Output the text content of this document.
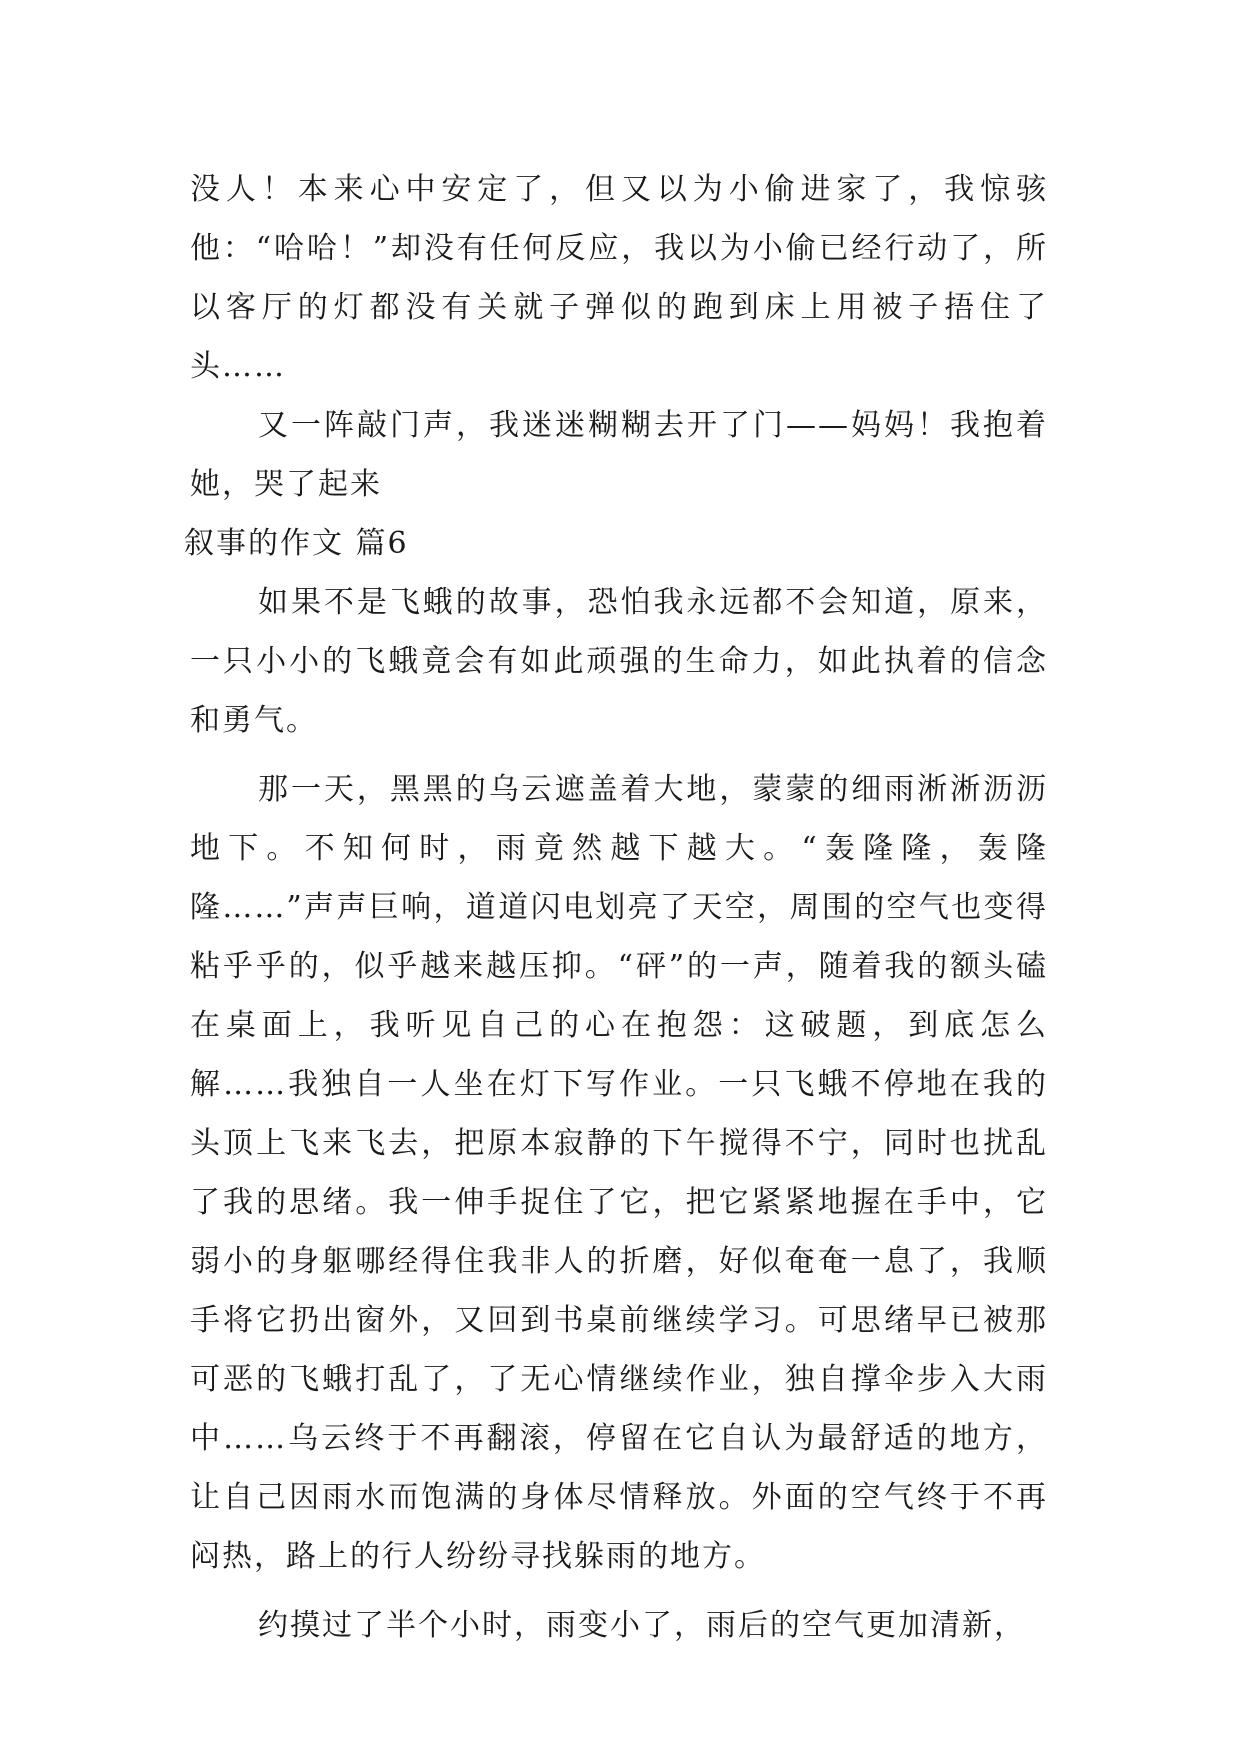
没人！本来心中安定了，但又以为小偷进家了，我惊骇他：“哈哈！”却没有任何反应，我以为小偷已经行动了，所以客厅的灯都没有关就子弹似的跑到床上用被子捂住了头……

又一阵敲门声，我迷迷糊糊去开了门——妈妈！我抱着她，哭了起来

叙事的作文 篇6

如果不是飞蛾的故事，恐怕我永远都不会知道，原来，一只小小的飞蛾竟会有如此顽强的生命力，如此执着的信念和勇气。

那一天，黑黑的乌云遮盖着大地，蒙蒙的细雨淅淅沥沥地下。不知何时，雨竟然越下越大。“轰隆隆，轰隆隆……”声声巨响，道道闪电划亮了天空，周围的空气也变得粘乎乎的，似乎越来越压抑。“砰”的一声，随着我的额头磕在桌面上，我听见自己的心在抱怨：这破题，到底怎么解……我独自一人坐在灯下写作业。一只飞蛾不停地在我的头顶上飞来飞去，把原本寂静的下午搅得不宁，同时也扰乱了我的思绪。我一伸手捉住了它，把它紧紧地握在手中，它弱小的身躯哪经得住我非人的折磨，好似奄奄一息了，我顺手将它扔出窗外，又回到书桌前继续学习。可思绪早已被那可恶的飞蛾打乱了，了无心情继续作业，独自撑伞步入大雨中……乌云终于不再翻滚，停留在它自认为最舒适的地方，让自己因雨水而饱满的身体尽情释放。外面的空气终于不再闷热，路上的行人纷纷寻找躲雨的地方。

约摸过了半个小时，雨变小了，雨后的空气更加清新，
